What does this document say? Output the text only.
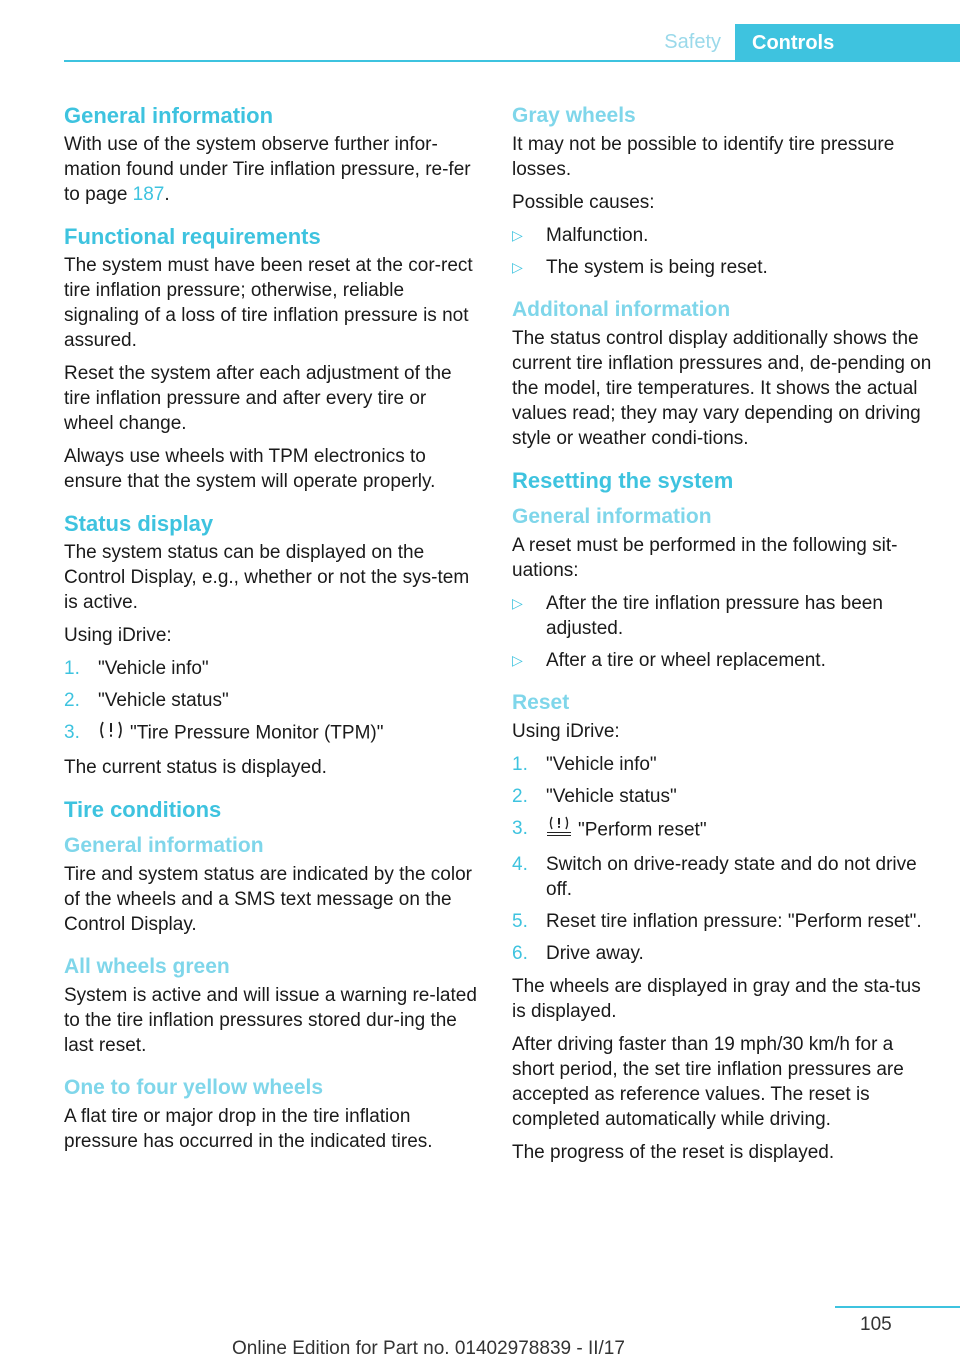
Safety	Controls
General information

With use of the system observe further infor-mation found under Tire inflation pressure, re-fer to page 187.

Functional requirements

The system must have been reset at the cor-rect tire inflation pressure; otherwise, reliable signaling of a loss of tire inflation pressure is not assured.

Reset the system after each adjustment of the tire inflation pressure and after every tire or wheel change.

Always use wheels with TPM electronics to ensure that the system will operate properly.

Status display

The system status can be displayed on the Control Display, e.g., whether or not the sys-tem is active.

Using iDrive:

1. "Vehicle info"
2. "Vehicle status"
3.	"Tire Pressure Monitor (TPM)"

The current status is displayed.

Tire conditions
General information

Tire and system status are indicated by the color of the wheels and a SMS text message on the Control Display.

All wheels green

System is active and will issue a warning re-lated to the tire inflation pressures stored dur-ing the last reset.

One to four yellow wheels

A flat tire or major drop in the tire inflation pressure has occurred in the indicated tires.

Gray wheels

It may not be possible to identify tire pressure losses.

Possible causes:

▷ Malfunction.
▷ The system is being reset.
Additonal information

The status control display additionally shows the current tire inflation pressures and, de-pending on the model, tire temperatures. It shows the actual values read; they may vary depending on driving style or weather condi-tions.

Resetting the system
General information

A reset must be performed in the following sit-uations:

▷ After the tire inflation pressure has been adjusted.
▷ After a tire or wheel replacement.
Reset

Using iDrive:

1. "Vehicle info"
2. "Vehicle status"
3.	"Perform reset"
4. Switch on drive-ready state and do not drive off.
5. Reset tire inflation pressure: "Perform reset".
6. Drive away.

The wheels are displayed in gray and the sta-tus is displayed.

After driving faster than 19 mph/30 km/h for a short period, the set tire inflation pressures are accepted as reference values. The reset is completed automatically while driving.

The progress of the reset is displayed.

105
Online Edition for Part no. 01402978839 - II/17
